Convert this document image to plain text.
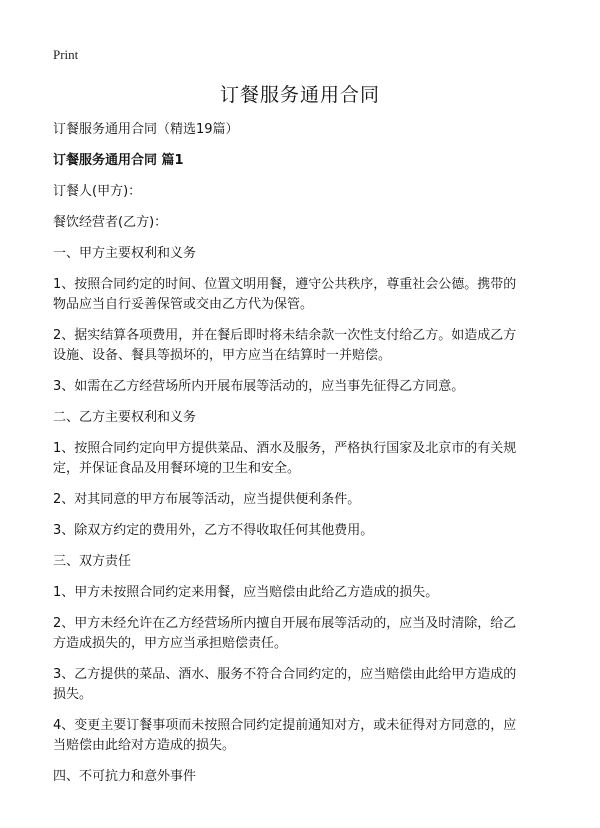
Print
订餐服务通用合同

订餐服务通用合同（精选19篇）

订餐服务通用合同 篇1

订餐人(甲方)：

餐饮经营者(乙方)：

一、甲方主要权利和义务

1、按照合同约定的时间、位置文明用餐，遵守公共秩序，尊重社会公德。携带的

物品应当自行妥善保管或交由乙方代为保管。

2、据实结算各项费用，并在餐后即时将未结余款一次性支付给乙方。如造成乙方

设施、设备、餐具等损坏的，甲方应当在结算时一并赔偿。

3、如需在乙方经营场所内开展布展等活动的，应当事先征得乙方同意。

二、乙方主要权利和义务

1、按照合同约定向甲方提供菜品、酒水及服务，严格执行国家及北京市的有关规

定，并保证食品及用餐环境的卫生和安全。

2、对其同意的甲方布展等活动，应当提供便利条件。

3、除双方约定的费用外，乙方不得收取任何其他费用。

三、双方责任

1、甲方未按照合同约定来用餐，应当赔偿由此给乙方造成的损失。

2、甲方未经允许在乙方经营场所内擅自开展布展等活动的，应当及时清除，给乙

方造成损失的，甲方应当承担赔偿责任。

3、乙方提供的菜品、酒水、服务不符合合同约定的，应当赔偿由此给甲方造成的

损失。

4、变更主要订餐事项而未按照合同约定提前通知对方，或未征得对方同意的，应

当赔偿由此给对方造成的损失。

四、不可抗力和意外事件
